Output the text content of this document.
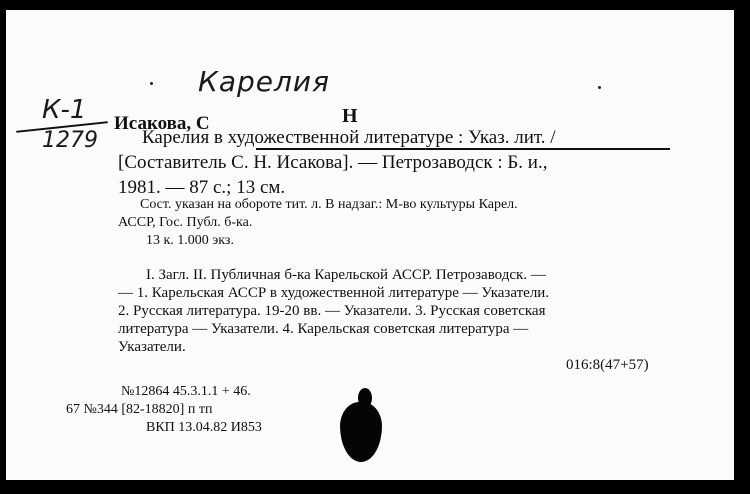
К-1
1279
Карелия
Исакова, С	Н
Карелия в художественной литературе : Указ. лит. /
[Составитель С. Н. Исакова]. — Петрозаводск : Б. и.,
1981. — 87 с.; 13 см.
Сост. указан на обороте тит. л. В надзаг.: М-во культуры Карел.
АССР, Гос. Публ. б-ка.
13 к. 1.000 экз.
I. Загл. II. Публичная б-ка Карельской АССР. Петрозаводск. —
— 1. Карельская АССР в художественной литературе — Указатели.
2. Русская литература. 19-20 вв. — Указатели. 3. Русская советская
литература — Указатели. 4. Карельская советская литература —
Указатели.
016:8(47+57)
№12864 45.3.1.1 + 46.
67 №344 [82-18820] п тп
ВКП 13.04.82 И853
